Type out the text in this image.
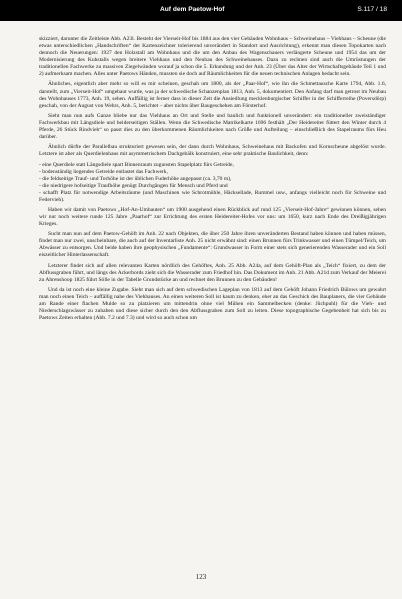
Auf dem Paetow-Hof	S.117 / 18

skizziert, darunter die Zeitleiste Abb. A23l. Besteht der Vierseit-Hof bis 1884 aus den vier Gebäuden Wohnhaus – Schweinehaus – Viehhaus – Scheune (die etwas unterschiedlichen „Handschriften“ der Kartenzeichner tolerierend unverändert in Standort und Ausrichtung), erkennt man diesen Topokarten nach dennoch die Neuerungen: 1927 den Holzstall am Wohnhaus und die um den Anbau des Wagenschauers verlängerte Scheune und 1954 das um der Modernisierung des Kuhstalls wegen breitere Viehhaus und den Neubau des Schweinehauses. Dazu zu rechnen sind auch die Umrüstungen der traditionellen Fachwerke zu massiven Ziegelwänden worauf ja schon die 5. Erkundung und der Anh. 23 (Über das Alter der Wirtschaftsgebäude Teil 1 und 2) aufmerksam machen. Alles unter Paetows Händen, mussten sie doch auf Räumlichkeiten für die neuen technischen Anlagen bedacht sein.

Ähnliches, eigentlich aber mehr so will es mir scheinen, geschah um 1800, als der „Paar-Hof“, wie ihn die Schmettausche Karte 1794, Abb. 1.6, darstellt, zum „Vierseit-Hof“ umgebaut wurde, was ja der schwedische Schanzenplan 1813, Anh. 5, dokumentiert. Den Anfang darf man getrost im Neubau des Wohnhauses 1773, Anh. 19, sehen. Auffällig ist ferner dass in dieser Zeit die Ansiedlung mecklenburgischer Schiffer in der Schifferreihe (Poversdörp) geschah, von der August von Wehrs, Anh. 5, berichtet – aber nichts über Baugeschehen am Försterhof.

Sieht man nun aufs Ganze bliebe nur das Viehhaus an Ort und Stelle und baulich und funktionell unverändert: ein traditioneller zweiständiger Fachwerkbau mit Längsdiele und beiderseitigen Ställen. Wenn die Schwedische Matrikelkarte 1696 festhält „Der Heidereiter füttert den Winter durch 4 Pferde, 26 Stück Rindvieh“ so passt dies zu den überkommenen Räumlichkeiten nach Größe und Aufteilung – einschließlich des Stapelraums fürs Heu darüber.

Ähnlich dürfte der Parallelbau strukturiert gewesen sein, der dann durch Wohnhaus, Schweinehaus mit Backofen und Kornscheune abgelöst wurde. Letztere ist aber als Querdielenhaus mit asymmetrischem Dachgebälk konstruiert, eine sehr praktische Baulichkeit, denn:

- eine Querdiele statt Längsdiele spart Binnenraum zugunsten Stapelplatz fürs Getreide,
- bodenständig liegendes Getreide entlastet das Fachwerk,
- die feldseitige Trauf- und Torhöhe ist der üblichen Fuderhöhe angepasst (ca. 3,70 m),
- die niedrigere hofseitige Traufhöhe genügt Durchgängen für Mensch und Pferd und
- schafft Platz für notwendige Arbeitsräume (und Maschinen wie Schrotmühle, Häcksellade, Rummel usw., anfangs vielleicht noch für Schweine und Federvieh).

Haben wir damit von Paetows „Hof-An-Umbauten“ um 1900 ausgehend einen Rückblick auf rund 125 „Vierseit-Hof-Jahre“ gewinnen können, sehen wir nur noch weitere runde 125 Jahre „Paarhof“ zur Errichtung des ersten Heidereiter-Hofes vor uns: um 1650, kurz nach Ende des Dreißigjährigen Krieges.

Sucht man nun auf dem Paetow-Gehöft im Anh. 22 nach Objekten, die über 250 Jahre ihren unveränderten Bestand haben können und haben müssen, findet man nur zwei, unscheinbare, die auch auf der Inventarliste Anh. 25 nicht erwähnt sind: einen Brunnen fürs Trinkwasser und einen Tümpel/Teich, um Abwässer zu entsorgen. Und beide haben ihre geophysischen „Fundamente“: Grundwasser in Form einer stets sich generierenden Wasserader und ein Soll eiszeitlicher Hinterlassenschaft.

Letzterer findet sich auf allen relevanten Karten nördlich des Gehöftes, Anh. 25 Abb. A24a, auf dem Gehöft-Plan als „Teich“ fixiert, zu dem der Abflussgraben führt, und längs des Ackerbords zieht sich die Wasserader zum Friedhof hin. Das Dokument im Anh. 21 Abb. A21d zum Verkauf der Meierei zu Ahrenshoop 1825 führt Sölle in der Tabelle Grundstücke an und rechnet den Brunnen zu den Gebäuden!

Und da ist noch eine kleine Zugabe. Sieht man sich auf dem schwedischen Lageplan von 1813 auf dem Gehöft Johann Friedrich Bülows um gewahrt man noch einen Teich – auffällig nahe des Viehhauses. An einen weiteren Soll ist kaum zu denken, eher an das Geschick des Bauplaners, die vier Gebäude am Rande einer flachen Mulde so zu platzieren um mittendrin ohne viel Mühen ein Sammelbecken (denke: Jüchpuhl) für die Vieh- und Niederschlagswässer zu zuhaben und diese sicher durch den den Abflussgraben zum Soll zu leiten. Diese topographische Gegebenheit hat sich bis zu Paetows Zeiten erhalten (Abb. 7.2 und 7.3) und wird so auch schon um

123
